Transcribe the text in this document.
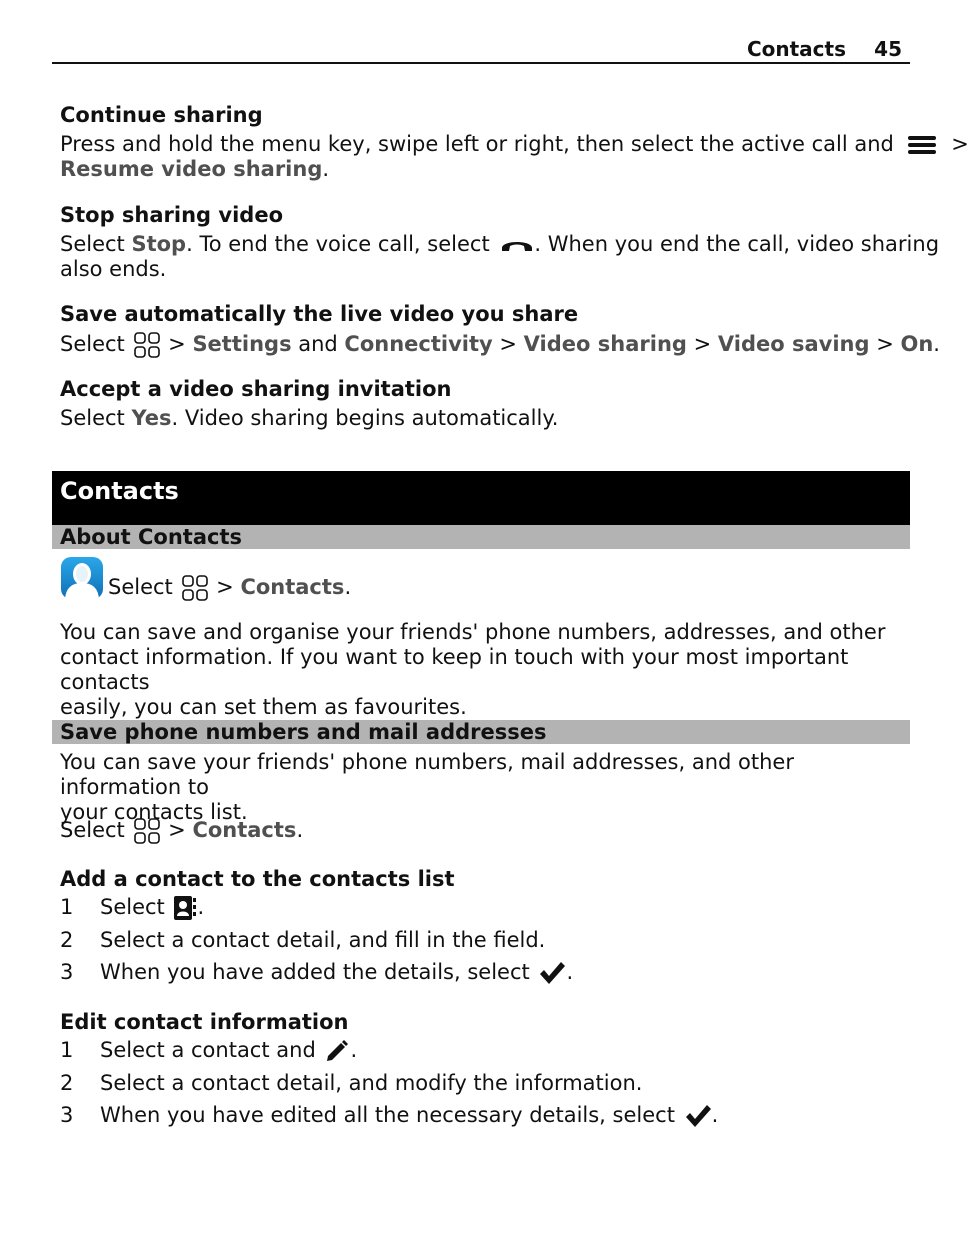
Contacts 45
Continue sharing
Press and hold the menu key, swipe left or right, then select the active call and	>
Resume video sharing.
Stop sharing video
Select Stop. To end the voice call, select . When you end the call, video sharing
also ends.
Save automatically the live video you share
Select
> Settings and Connectivity > Video sharing > Video saving > On.
Accept a video sharing invitation
Select Yes. Video sharing begins automatically.
Contacts
About Contacts
Select
> Contacts.
You can save and organise your friends' phone numbers, addresses, and other
contact information. If you want to keep in touch with your most important contacts
easily, you can set them as favourites.
Save phone numbers and mail addresses
You can save your friends' phone numbers, mail addresses, and other information to
your contacts list.
Select
> Contacts.
Add a contact to the contacts list
1 Select .
2 Select a contact detail, and fill in the field.
3 When you have added the details, select .
Edit contact information
1 Select a contact and .
2 Select a contact detail, and modify the information.
3 When you have edited all the necessary details, select .
